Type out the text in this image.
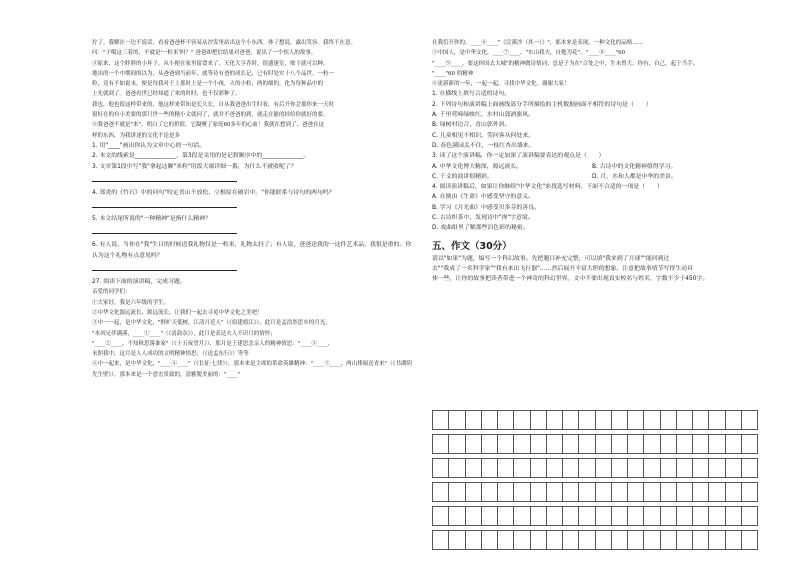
拧了。我解在一边不说话，看看爸爸杯不容易从沙发里站出这个小东西。体了想说，露出笑容。我终于在意。

问："于噶这三着的，不就是'一粒米'吗？" 爸爸却把信结果对爸爸，说出了一个惊人的故事。

③原来，这个胖胖的小坏子，从小便在家里留食来了。天化大亨乔时，很遗迷室，败下就可以种。

地出的一个中期间的以为，从爸爸到当前年，就等待有爸的成长记、已有时处实十八个品世。一粒一

粒，竟有不如说未，便是每我对于上那时上是一个小孩，天的小粒，两的细的，化为每种品中的

上先就到了。爸爸看世已经知道了来的时时，也不仅彩种了。

我也，他也很这样带来的，他这样来带知是长久长，自从我爸爸出生时看，有后开你会那你来一天时

很好在的有小美要的那只世一些的精小文就问了，就并不爸爸的到，就走在能的经给你就好的要。

④我爸爸不就是"米"，明白了它的价值。它凝聚了家庭60多年的心血！我就在想到了，爸爸在这

样的东西，为我讲述的文化不论是多

1. 用"____"画出你认为文章中心的一句话。

2. 本文的线索是______________，第3段是采用的是记叙顺序中的______________。

3. 文章第1段中写"我"拿起这颗"米粒"用饭大端详细一番，为什么不就收呢了？

4. 郑炎的《竹石》中的问句"咬定青山不放松，立根原在破岩中。"你能联系与诗句的两句吗？

5. 本文结尾所说的"一种精神"是指什么精神？

6. 有人说，当你在"我"生日的时候送我礼物仅是一粒米，礼物太轻了；有人说，爸爸送我的一这件艺术品，我很是重的。你认为这个礼物有点意见吗？

27. 阅读下面的演讲稿，完成习题。

亲爱的同学们：

①大家好，我是六年级的学生。

②中华文化源远流长，源远流长，让我们一起去寻觅中华文化之美吧！

③中一一起，是中华文化，"野旷天低树，江清月近人"（《宿建德江》），此月是孟浩然思乡的月光；

"本风兄伴满溪，____①____"（《清韵杂》），此月是表达夫人不识月的情怀；

"____②____，不知秋思落谁家"（《十五夜望月》），那月是王建思念亲人的精神情思："____③____，

未照我中，这月是人人成功的文明精神情思；（《送孟东行》）等等

④中一起来，是中华文化，"____④____"（《长征·七律》），那本来是主席的革命英雄精神："____⑤____，两山排闼送青来"（《书湖阴先生壁》），那本来是一个意宏景致的，清雅脱美丽的："____"

在我们开你的，____⑥____"《浣溪沙（其一）》"，那本来是表现，一种文化的品格……

⑤中国人，是中华文化，____⑦____。"东山我夫，自勉为花"，"____⑧____"60

"____⑨____，要这你国去大城"的精神做诗情词；总是子为在"合处之中，生未曾大，你有，自己，起于当手；

"____"60 的精神

⑥更新新的一年，一起一起，寻找中华文化。谢谢大家！

1. 在横线上填写合适的诗句。

2. 下列诗句和演讲稿上面画线部分手所描绘的主机数据画面不相符的诗句是（　　）

A. 千里莺啼绿映红，水村山郭酒旗风。

B. 绿树村边合，青山郭外斜。

C. 儿童相见不相识，笑问客从何处来。

D. 春色满园关不住，一枝红杏出墙来。

3. 读了这个演讲稿，你一定加深了演讲稿要表达的观点是（　　）

A. 中华文化博大精深，源远流长。	B. 古诗中的文化精神值得学习。

C. 千文的演讲很精彩。	D. 月，水和人都是中华的美景。

4. 阅读演讲稿后，如果让你继续"中华文化"来找选写材料，下面不合适的一项是（　　）

A. 在励由《生命》中感受坚守的意义。

B. 学习《月光曲》中感受贝多芬的善良。

C. 古诗织茶中，发现诗中"禅"字意境。

D. 戏曲组里了解那些汨色彩的秘密。

五、作文（30分）

请以"如果"为题，编写一个科幻故事。先把题目补充完整，可以填"我来到了月球""能回到过

去""我成了一名科学家""我有来出飞行器"……然后展开丰富大胆的想象，注意把故事情节写得生动具

体一些，让你的故事把读者带进一个神奇的科幻世界。文中不要出现真实校名与姓名，字数不少于450字。
